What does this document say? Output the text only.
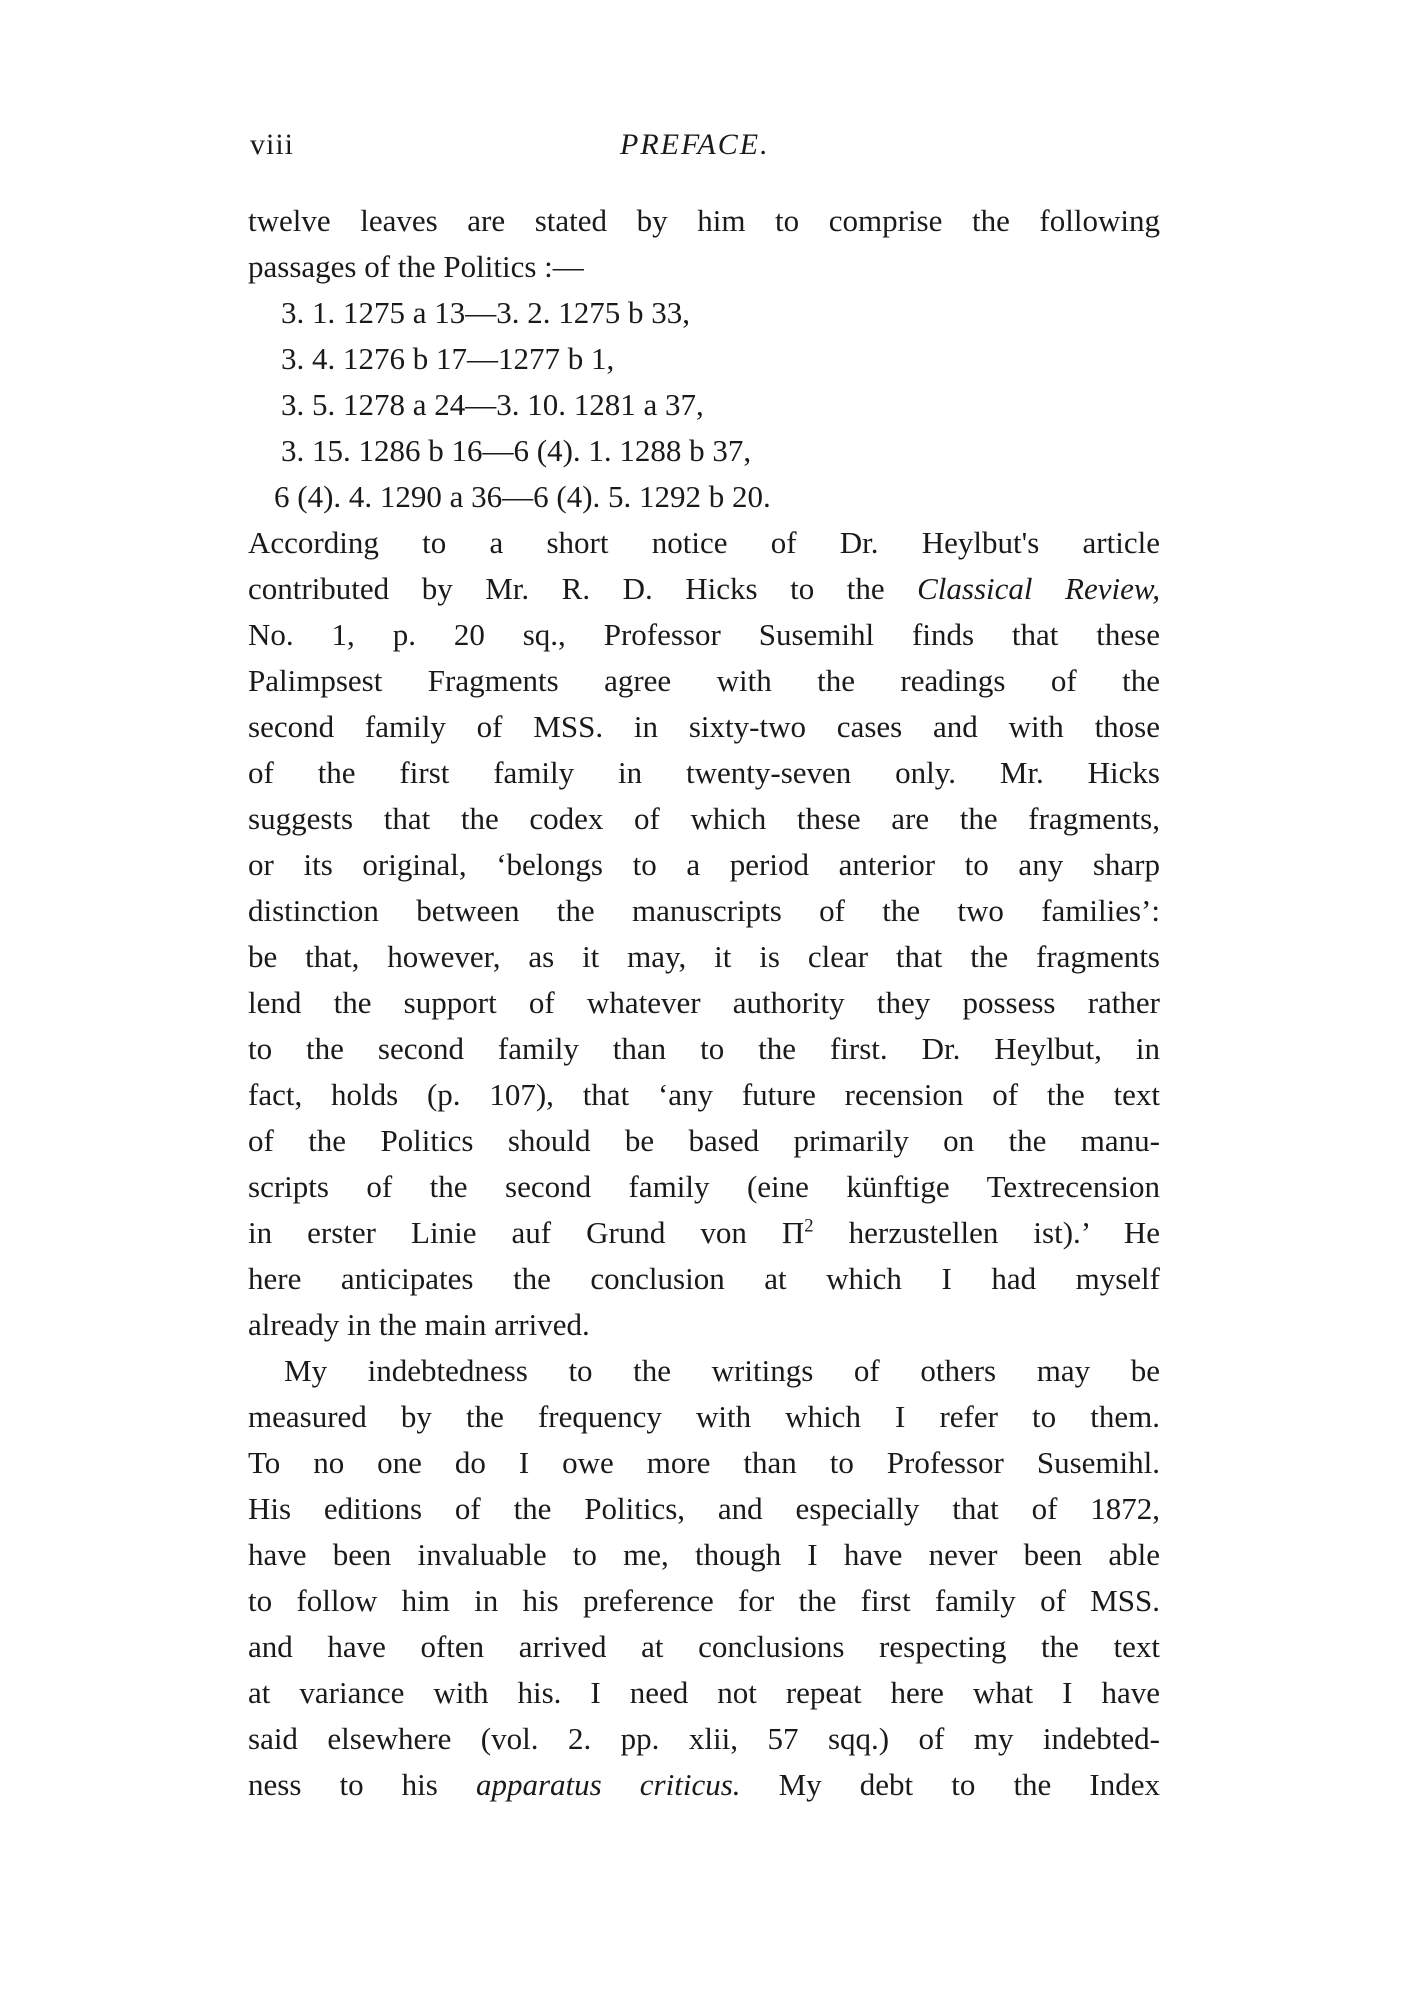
viii	PREFACE.
twelve leaves are stated by him to comprise the following
passages of the Politics :—
3. 1. 1275 a 13—3. 2. 1275 b 33,
3. 4. 1276 b 17—1277 b 1,
3. 5. 1278 a 24—3. 10. 1281 a 37,
3. 15. 1286 b 16—6 (4). 1. 1288 b 37,
6 (4). 4. 1290 a 36—6 (4). 5. 1292 b 20.
According to a short notice of Dr. Heylbut's article
contributed by Mr. R. D. Hicks to the Classical Review,
No. 1, p. 20 sq., Professor Susemihl finds that these
Palimpsest Fragments agree with the readings of the
second family of MSS. in sixty-two cases and with those
of the first family in twenty-seven only. Mr. Hicks
suggests that the codex of which these are the fragments,
or its original, ‘belongs to a period anterior to any sharp
distinction between the manuscripts of the two families’:
be that, however, as it may, it is clear that the fragments
lend the support of whatever authority they possess rather
to the second family than to the first. Dr. Heylbut, in
fact, holds (p. 107), that ‘any future recension of the text
of the Politics should be based primarily on the manu-
scripts of the second family (eine künftige Textrecension
in erster Linie auf Grund von $\Pi^2$ herzustellen ist).’ He
here anticipates the conclusion at which I had myself
already in the main arrived.
My indebtedness to the writings of others may be
measured by the frequency with which I refer to them.
To no one do I owe more than to Professor Susemihl.
His editions of the Politics, and especially that of 1872,
have been invaluable to me, though I have never been able
to follow him in his preference for the first family of MSS.
and have often arrived at conclusions respecting the text
at variance with his. I need not repeat here what I have
said elsewhere (vol. 2. pp. xlii, 57 sqq.) of my indebted-
ness to his apparatus criticus. My debt to the Index
